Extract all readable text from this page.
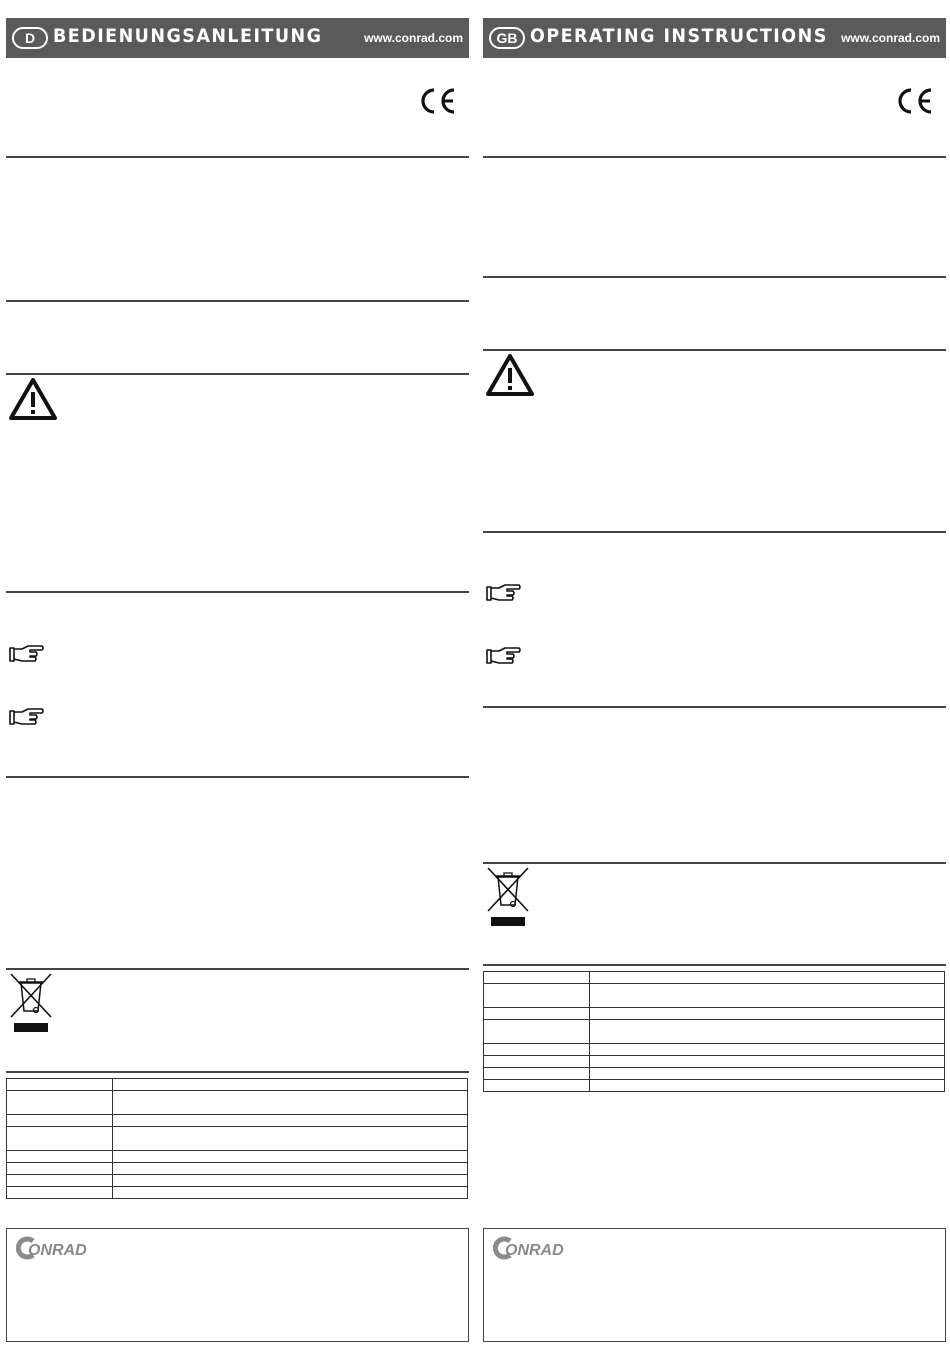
D BEDIENUNGSANLEITUNG	www.conrad.com

		GB OPERATING INSTRUCTIONS www.conrad.com
